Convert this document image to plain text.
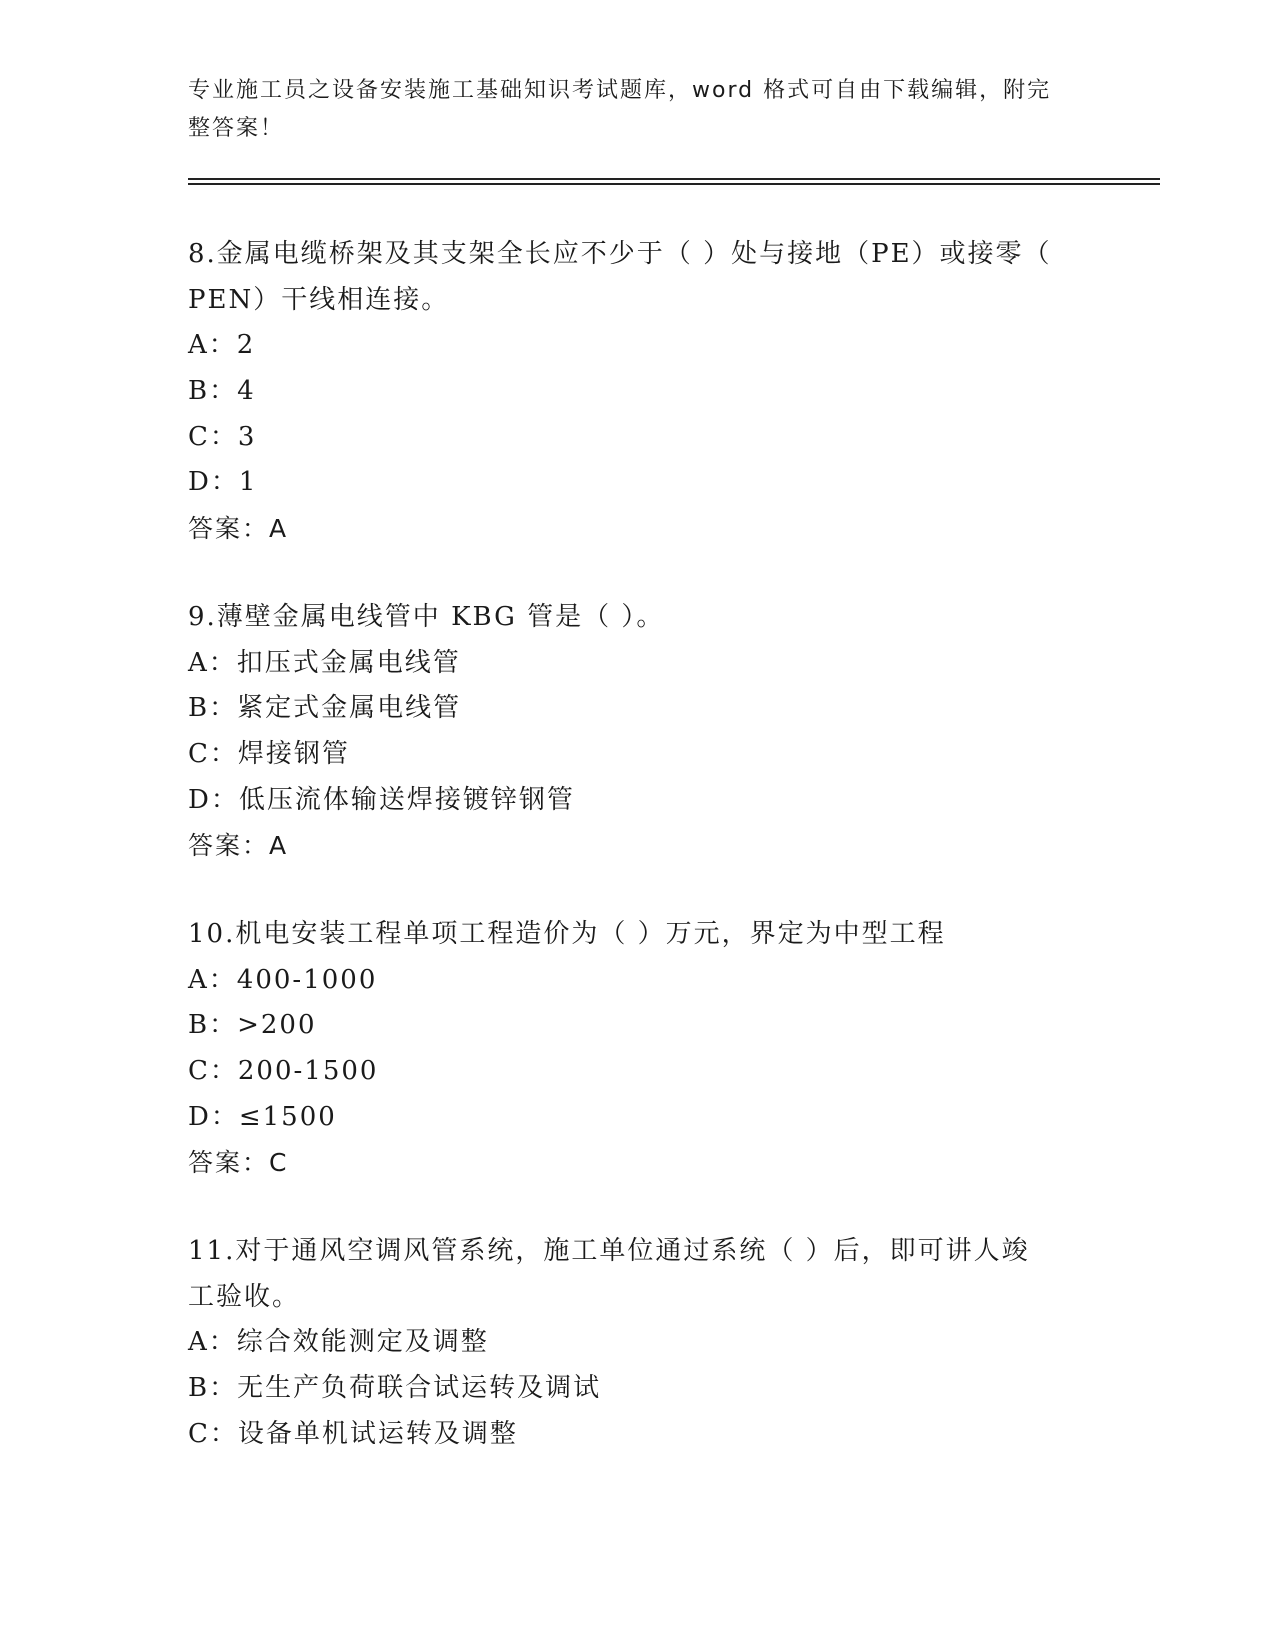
专业施工员之设备安装施工基础知识考试题库，word 格式可自由下载编辑，附完
整答案！
8.金属电缆桥架及其支架全长应不少于（ ）处与接地（PE）或接零（
PEN）干线相连接。
A：2
B：4
C：3
D：1
答案：A
9.薄壁金属电线管中 KBG 管是（ ）。
A：扣压式金属电线管
B：紧定式金属电线管
C：焊接钢管
D：低压流体输送焊接镀锌钢管
答案：A
10.机电安装工程单项工程造价为（ ）万元，界定为中型工程
A：400-1000
B：>200
C：200-1500
D：≤1500
答案：C
11.对于通风空调风管系统，施工单位通过系统（ ）后，即可讲人竣
工验收。
A：综合效能测定及调整
B：无生产负荷联合试运转及调试
C：设备单机试运转及调整
